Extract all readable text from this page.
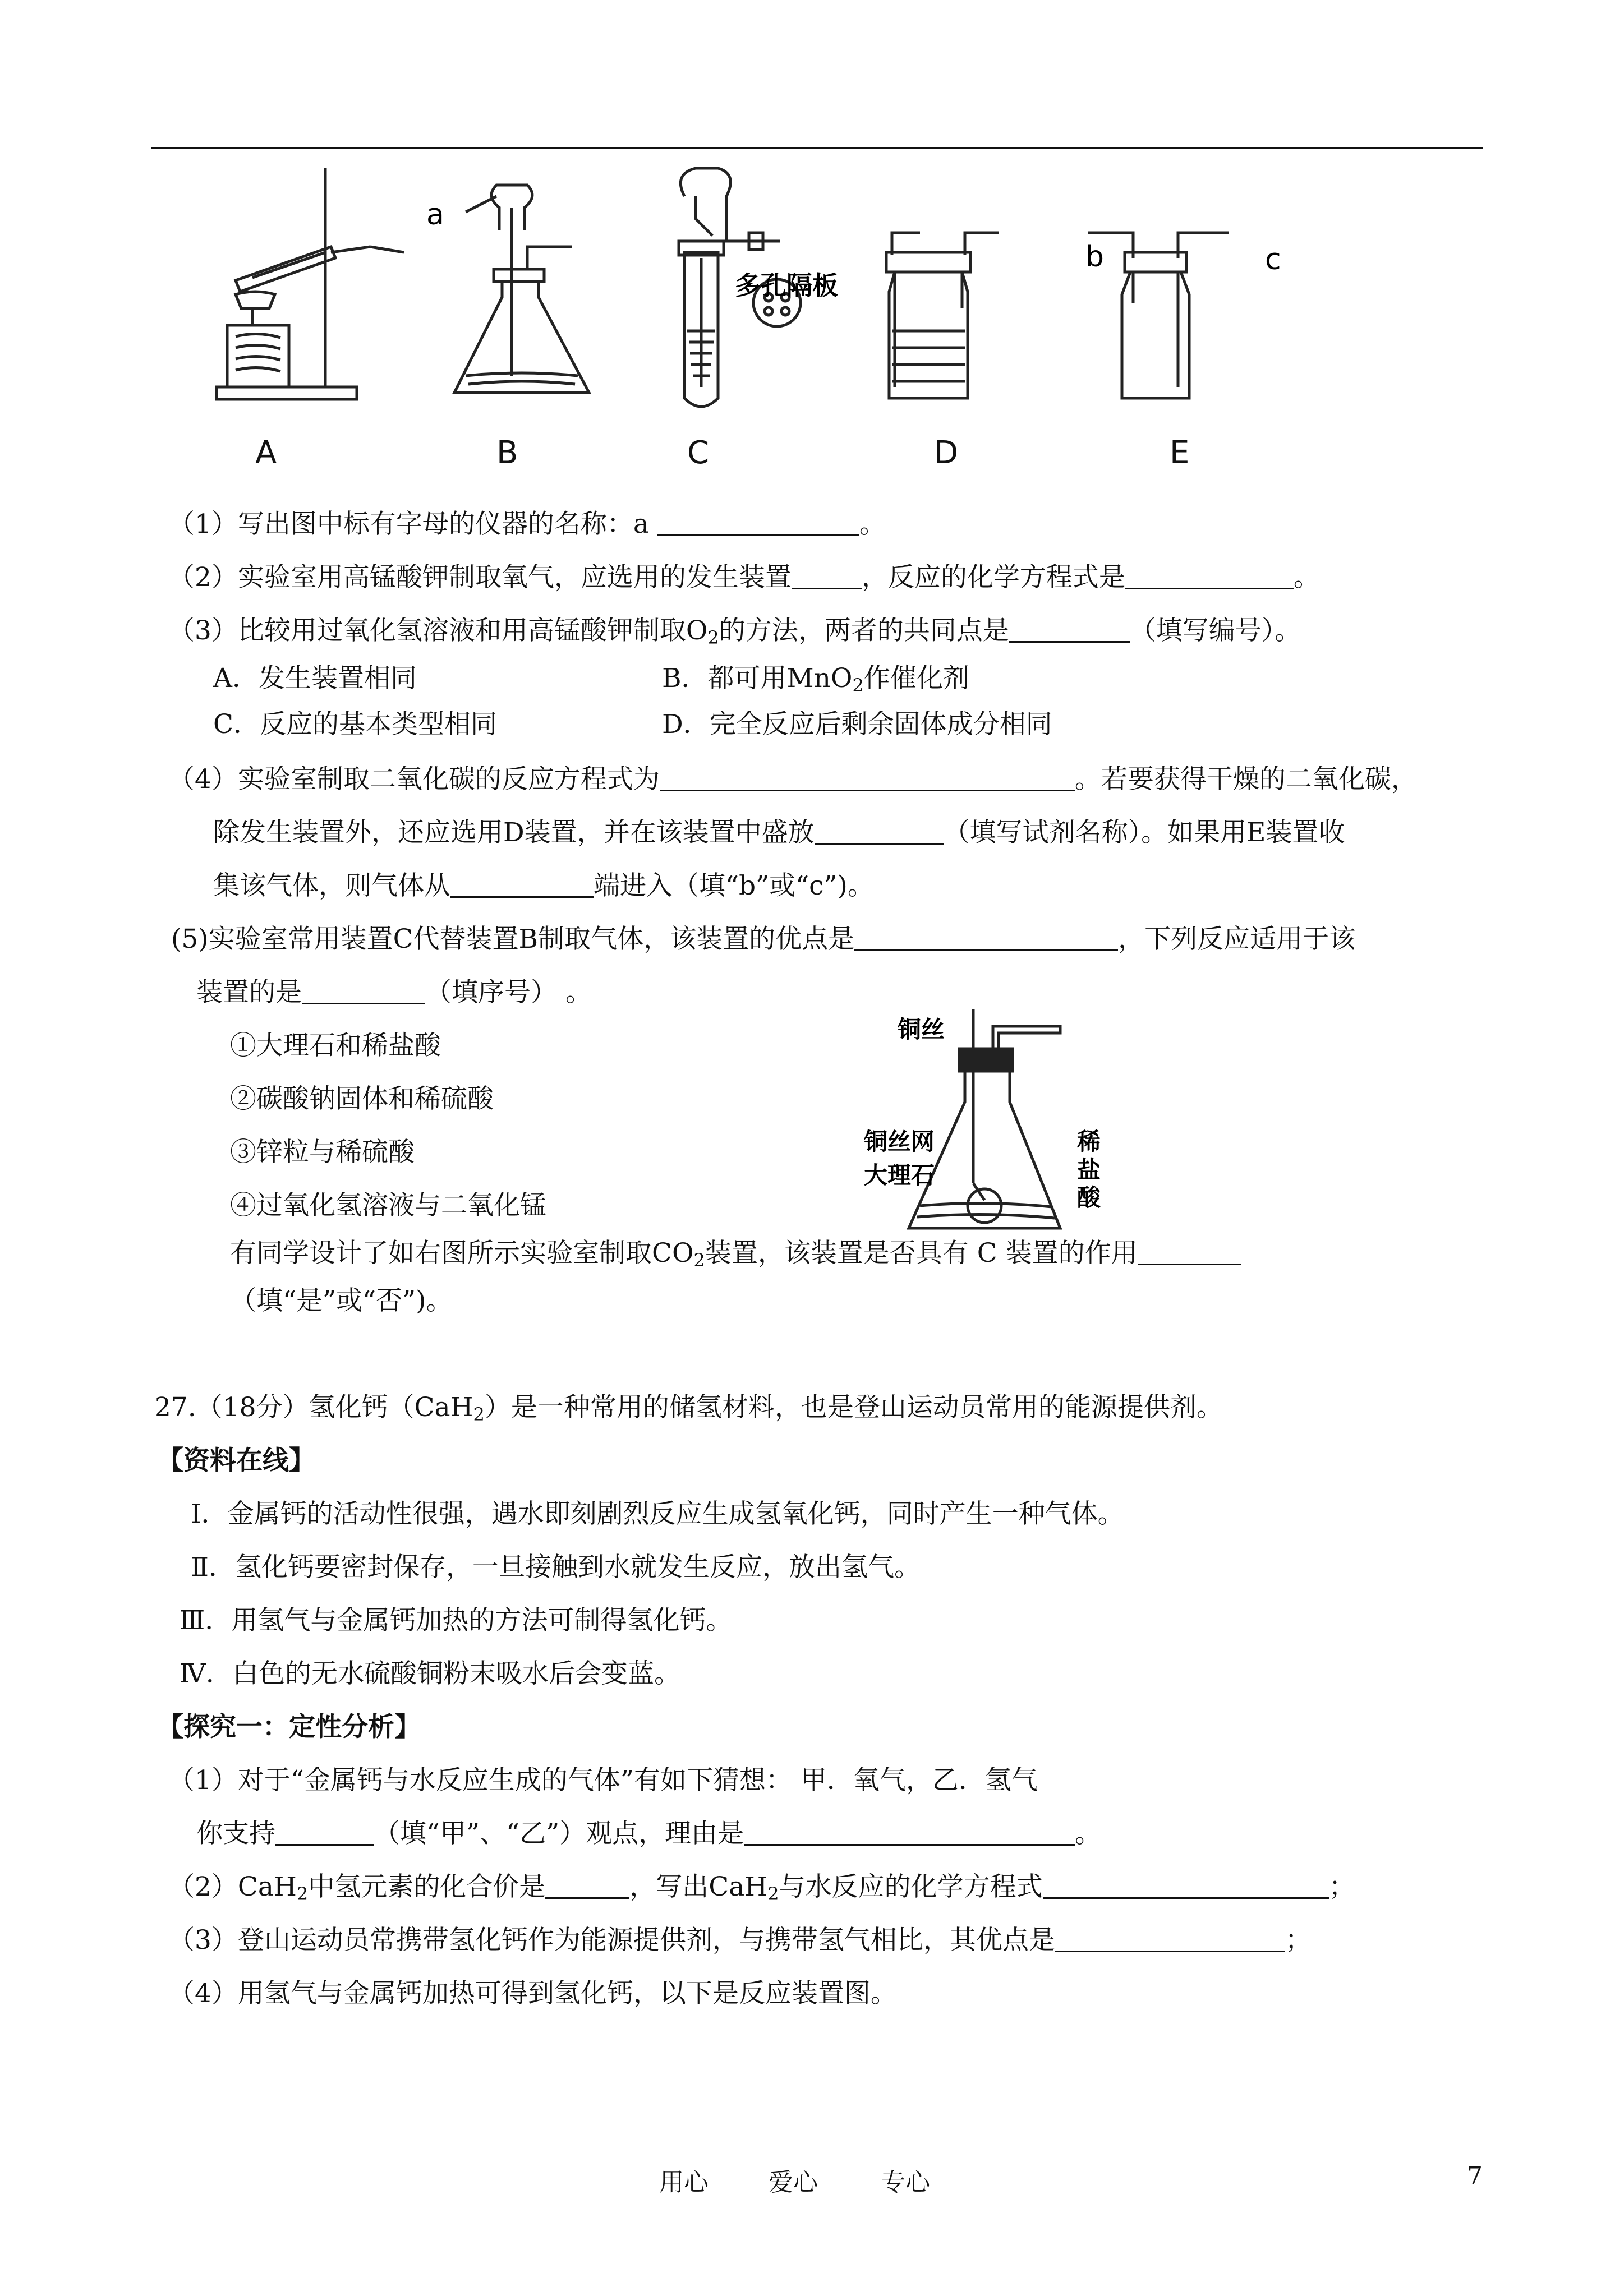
a
b	c
多孔隔板
A	B	C	D	E
铜丝
铜丝网
大理石
稀
盐
酸
（1）写出图中标有字母的仪器的名称：a	。
（2）实验室用高锰酸钾制取氧气，应选用的发生装置	，反应的化学方程式是	。
（3）比较用过氧化氢溶液和用高锰酸钾制取$O_2$的方法，两者的共同点是	（填写编号）。
A．发生装置相同	B．都可用MnO$_2$作催化剂
C．反应的基本类型相同	D．完全反应后剩余固体成分相同
（4）实验室制取二氧化碳的反应方程式为	。若要获得干燥的二氧化碳，
除发生装置外，还应选用D装置，并在该装置中盛放	（填写试剂名称）。如果用E装置收
集该气体，则气体从	端进入（填“b”或“c”)。
(5)实验室常用装置C代替装置B制取气体，该装置的优点是	，下列反应适用于该
装置的是	（填序号） 。
①大理石和稀盐酸
②碳酸钠固体和稀硫酸
③锌粒与稀硫酸
④过氧化氢溶液与二氧化锰
有同学设计了如右图所示实验室制取$CO_2$装置，该装置是否具有 C 装置的作用
（填“是”或“否”)。
27.（18分）氢化钙（CaH$_2$）是一种常用的储氢材料，也是登山运动员常用的能源提供剂。
【资料在线】
Ⅰ．金属钙的活动性很强，遇水即刻剧烈反应生成氢氧化钙，同时产生一种气体。
Ⅱ．氢化钙要密封保存，一旦接触到水就发生反应，放出氢气。
Ⅲ．用氢气与金属钙加热的方法可制得氢化钙。
Ⅳ．白色的无水硫酸铜粉末吸水后会变蓝。
【探究一：定性分析】
（1）对于“金属钙与水反应生成的气体”有如下猜想： 甲．氧气，乙．氢气
你支持	（填“甲”、“乙”）观点，理由是	。
（2）CaH$_2$中氢元素的化合价是	，写出CaH$_2$与水反应的化学方程式	；
（3）登山运动员常携带氢化钙作为能源提供剂，与携带氢气相比，其优点是	；
（4）用氢气与金属钙加热可得到氢化钙，以下是反应装置图。
用心 爱心	专心	7
